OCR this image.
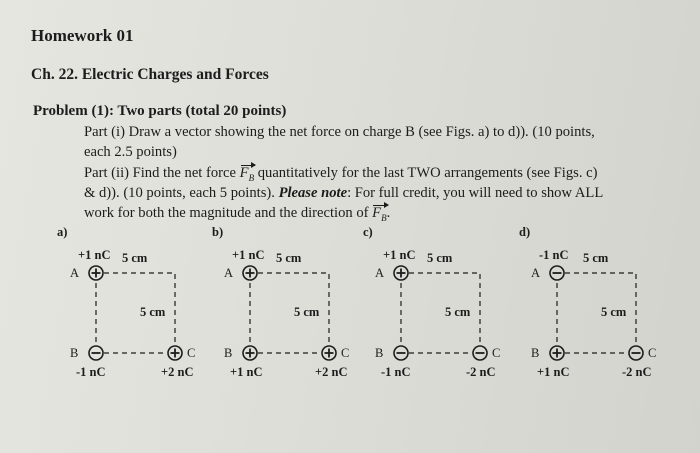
Homework 01
Ch. 22. Electric Charges and Forces
Problem (1): Two parts (total 20 points)
Part (i) Draw a vector showing the net force on charge B (see Figs. a) to d)). (10 points,
each 2.5 points)
Part (ii) Find the net force $F_B$ quantitatively for the last TWO arrangements (see Figs. c)
& d)). (10 points, each 5 points). Please note: For full credit, you will need to show ALL
work for both the magnitude and the direction of $F_B$.
a)
+1 nC 5 cm
A
5 cm
B	C
-1 nC	+2 nC
b)
+1 nC 5 cm
A
5 cm
B	C
+1 nC	+2 nC
c)
+1 nC 5 cm
A
5 cm
B	C
-1 nC	-2 nC
d)
-1 nC 5 cm
A
5 cm
B	C
+1 nC	-2 nC
